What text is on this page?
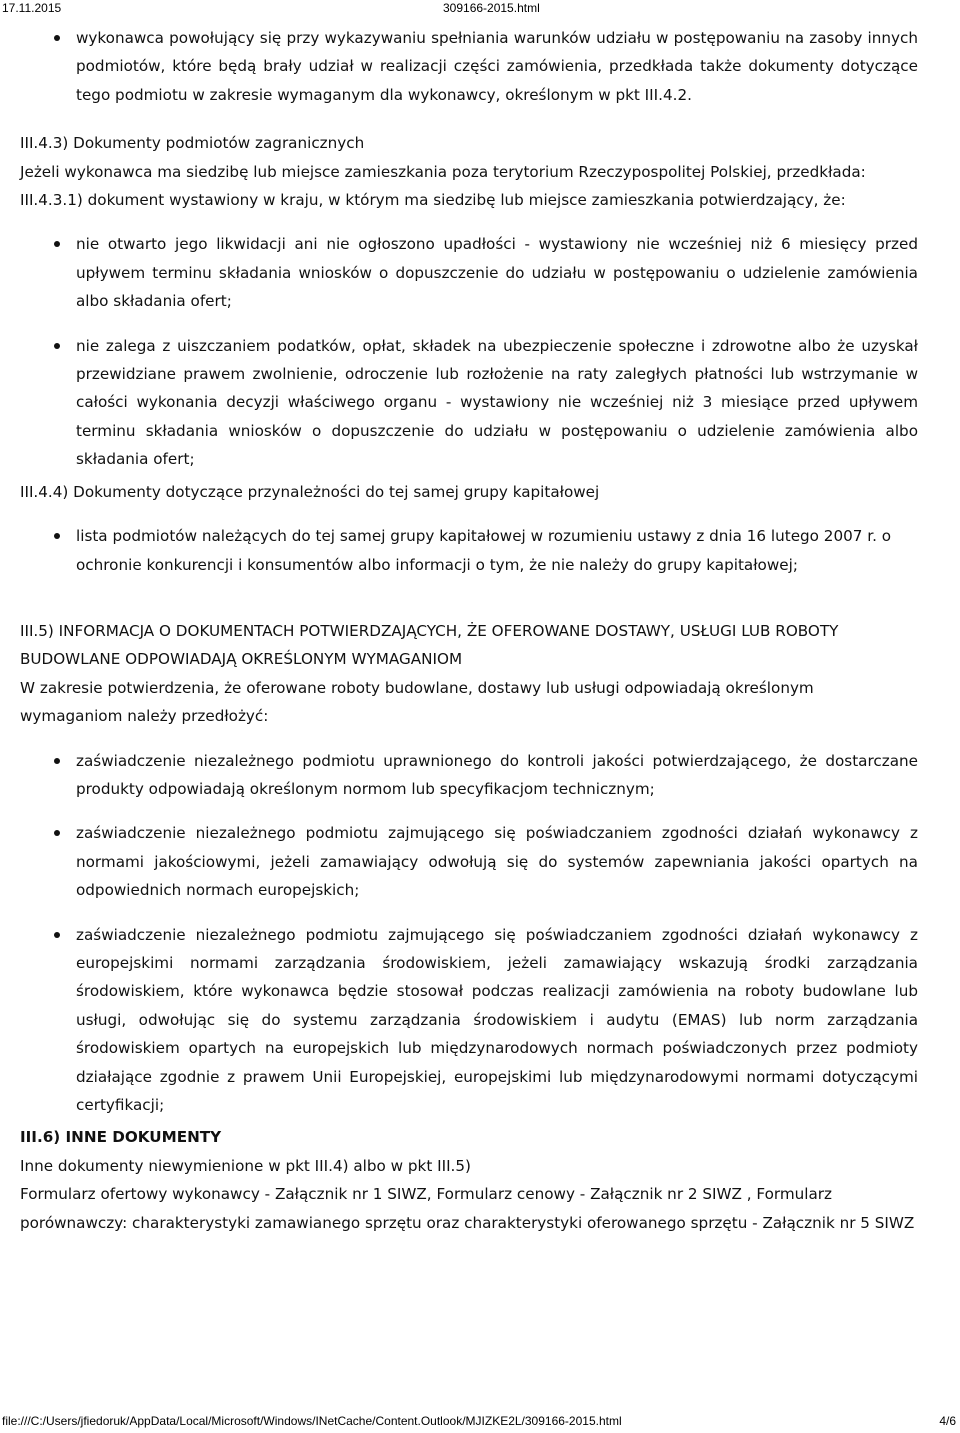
17.11.2015	309166-2015.html
wykonawca powołujący się przy wykazywaniu spełniania warunków udziału w postępowaniu na zasoby innych podmiotów, które będą brały udział w realizacji części zamówienia, przedkłada także dokumenty dotyczące tego podmiotu w zakresie wymaganym dla wykonawcy, określonym w pkt III.4.2.

III.4.3) Dokumenty podmiotów zagranicznych

Jeżeli wykonawca ma siedzibę lub miejsce zamieszkania poza terytorium Rzeczypospolitej Polskiej, przedkłada:

III.4.3.1) dokument wystawiony w kraju, w którym ma siedzibę lub miejsce zamieszkania potwierdzający, że:

nie otwarto jego likwidacji ani nie ogłoszono upadłości - wystawiony nie wcześniej niż 6 miesięcy przed upływem terminu składania wniosków o dopuszczenie do udziału w postępowaniu o udzielenie zamówienia albo składania ofert;
nie zalega z uiszczaniem podatków, opłat, składek na ubezpieczenie społeczne i zdrowotne albo że uzyskał przewidziane prawem zwolnienie, odroczenie lub rozłożenie na raty zaległych płatności lub wstrzymanie w całości wykonania decyzji właściwego organu - wystawiony nie wcześniej niż 3 miesiące przed upływem terminu składania wniosków o dopuszczenie do udziału w postępowaniu o udzielenie zamówienia albo składania ofert;

III.4.4) Dokumenty dotyczące przynależności do tej samej grupy kapitałowej

lista podmiotów należących do tej samej grupy kapitałowej w rozumieniu ustawy z dnia 16 lutego 2007 r. o ochronie konkurencji i konsumentów albo informacji o tym, że nie należy do grupy kapitałowej;

III.5) INFORMACJA O DOKUMENTACH POTWIERDZAJĄCYCH, ŻE OFEROWANE DOSTAWY, USŁUGI LUB ROBOTY BUDOWLANE ODPOWIADAJĄ OKREŚLONYM WYMAGANIOM

W zakresie potwierdzenia, że oferowane roboty budowlane, dostawy lub usługi odpowiadają określonym wymaganiom należy przedłożyć:

zaświadczenie niezależnego podmiotu uprawnionego do kontroli jakości potwierdzającego, że dostarczane produkty odpowiadają określonym normom lub specyfikacjom technicznym;
zaświadczenie niezależnego podmiotu zajmującego się poświadczaniem zgodności działań wykonawcy z normami jakościowymi, jeżeli zamawiający odwołują się do systemów zapewniania jakości opartych na odpowiednich normach europejskich;
zaświadczenie niezależnego podmiotu zajmującego się poświadczaniem zgodności działań wykonawcy z europejskimi normami zarządzania środowiskiem, jeżeli zamawiający wskazują środki zarządzania środowiskiem, które wykonawca będzie stosował podczas realizacji zamówienia na roboty budowlane lub usługi, odwołując się do systemu zarządzania środowiskiem i audytu (EMAS) lub norm zarządzania środowiskiem opartych na europejskich lub międzynarodowych normach poświadczonych przez podmioty działające zgodnie z prawem Unii Europejskiej, europejskimi lub międzynarodowymi normami dotyczącymi certyfikacji;

III.6) INNE DOKUMENTY

Inne dokumenty niewymienione w pkt III.4) albo w pkt III.5)

Formularz ofertowy wykonawcy - Załącznik nr 1 SIWZ, Formularz cenowy - Załącznik nr 2 SIWZ , Formularz porównawczy: charakterystyki zamawianego sprzętu oraz charakterystyki oferowanego sprzętu - Załącznik nr 5 SIWZ

file:///C:/Users/jfiedoruk/AppData/Local/Microsoft/Windows/INetCache/Content.Outlook/MJIZKE2L/309166-2015.html	4/6
